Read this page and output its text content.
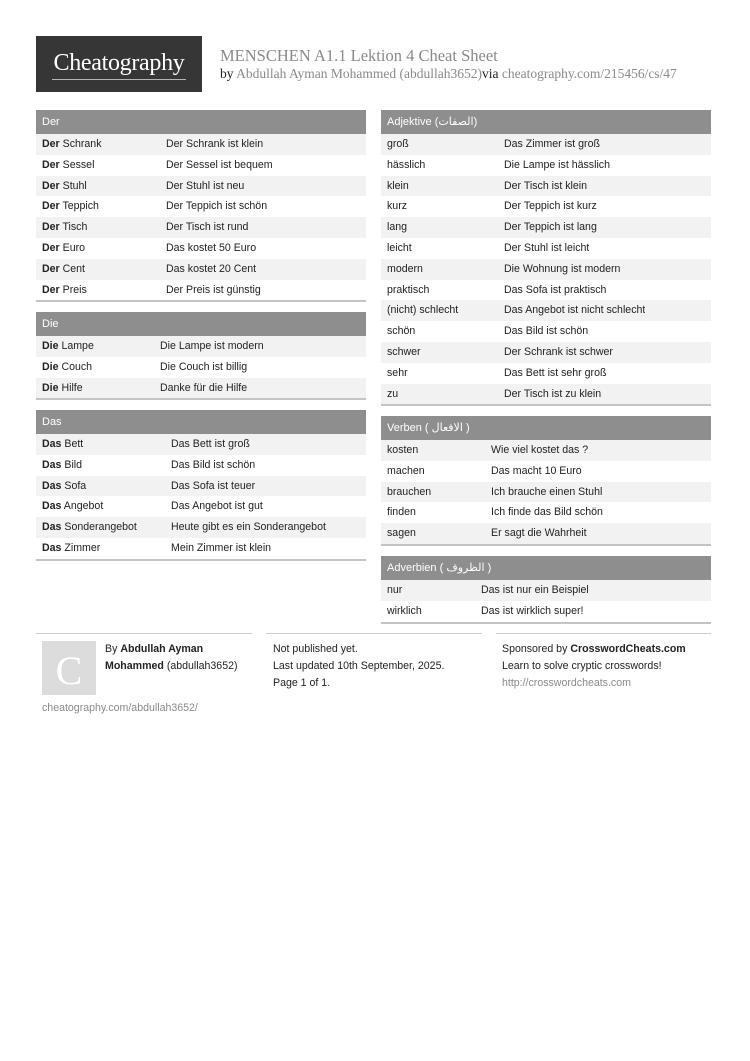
Cheatography	MENSCHEN A1.1 Lektion 4 Cheat Sheet
by Abdullah Ayman Mohammed (abdullah3652)via cheatography.com/215456/cs/47
Der
Der Schrank	Der Schrank ist klein
Der Sessel	Der Sessel ist bequem
Der Stuhl	Der Stuhl ist neu
Der Teppich	Der Teppich ist schön
Der Tisch	Der Tisch ist rund
Der Euro	Das kostet 50 Euro
Der Cent	Das kostet 20 Cent
Der Preis	Der Preis ist günstig
Die
Die Lampe	Die Lampe ist modern
Die Couch	Die Couch ist billig
Die Hilfe	Danke für die Hilfe
Das
Das Bett	Das Bett ist groß
Das Bild	Das Bild ist schön
Das Sofa	Das Sofa ist teuer
Das Angebot	Das Angebot ist gut
Das Sonderangebot	Heute gibt es ein Sonderangebot
Das Zimmer	Mein Zimmer ist klein
Adjektive (الصفات)
groß	Das Zimmer ist groß
hässlich	Die Lampe ist hässlich
klein	Der Tisch ist klein
kurz	Der Teppich ist kurz
lang	Der Teppich ist lang
leicht	Der Stuhl ist leicht
modern	Die Wohnung ist modern
praktisch	Das Sofa ist praktisch
(nicht) schlecht	Das Angebot ist nicht schlecht
schön	Das Bild ist schön
schwer	Der Schrank ist schwer
sehr	Das Bett ist sehr groß
zu	Der Tisch ist zu klein
Verben ( الافعال )
kosten	Wie viel kostet das ?
machen	Das macht 10 Euro
brauchen	Ich brauche einen Stuhl
finden	Ich finde das Bild schön
sagen	Er sagt die Wahrheit
Adverbien ( الظروف )
nur	Das ist nur ein Beispiel
wirklich	Das ist wirklich super!
C	By Abdullah Ayman
Mohammed (abdullah3652)
Not published yet.
Last updated 10th September, 2025.
Page 1 of 1.
Sponsored by CrosswordCheats.com
Learn to solve cryptic crosswords!
http://crosswordcheats.com
cheatography.com/abdullah3652/
